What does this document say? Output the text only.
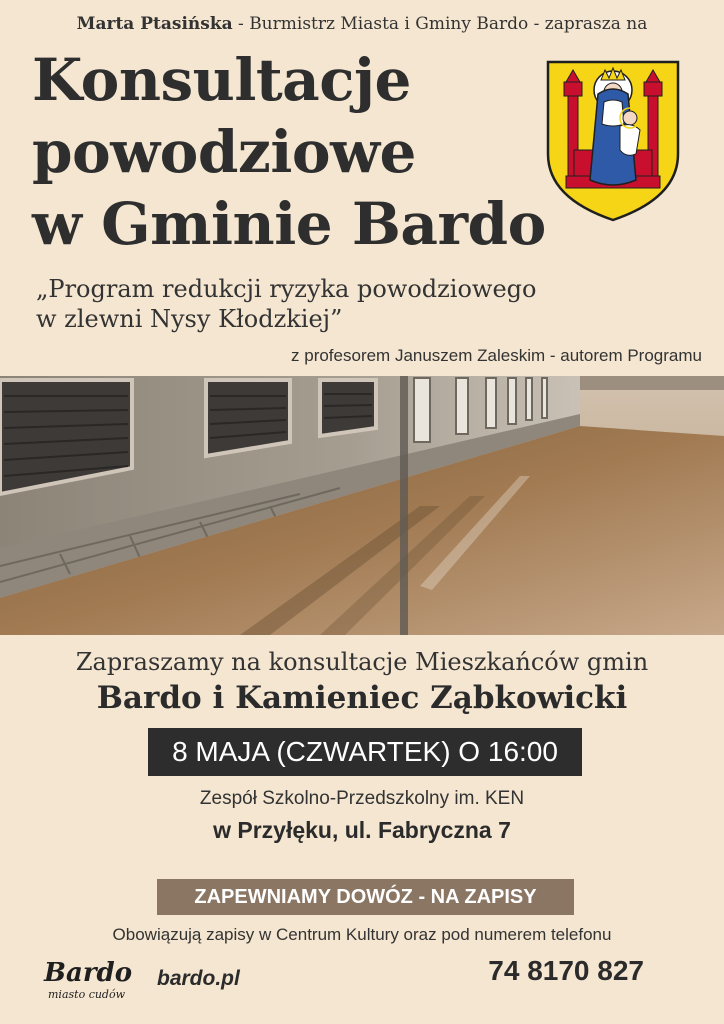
Marta Ptasińska - Burmistrz Miasta i Gminy Bardo - zaprasza na
Konsultacje
powodziowe
w Gminie Bardo
„Program redukcji ryzyka powodziowego
w zlewni Nysy Kłodzkiej”
z profesorem Januszem Zaleskim - autorem Programu
Zapraszamy na konsultacje Mieszkańców gmin
Bardo i Kamieniec Ząbkowicki
8 MAJA (CZWARTEK) O 16:00
Zespół Szkolno-Przedszkolny im. KEN
w Przyłęku, ul. Fabryczna 7
ZAPEWNIAMY DOWÓZ - NA ZAPISY
Obowiązują zapisy w Centrum Kultury oraz pod numerem telefonu
Bardo
miasto cudów
bardo.pl	74 8170 827
